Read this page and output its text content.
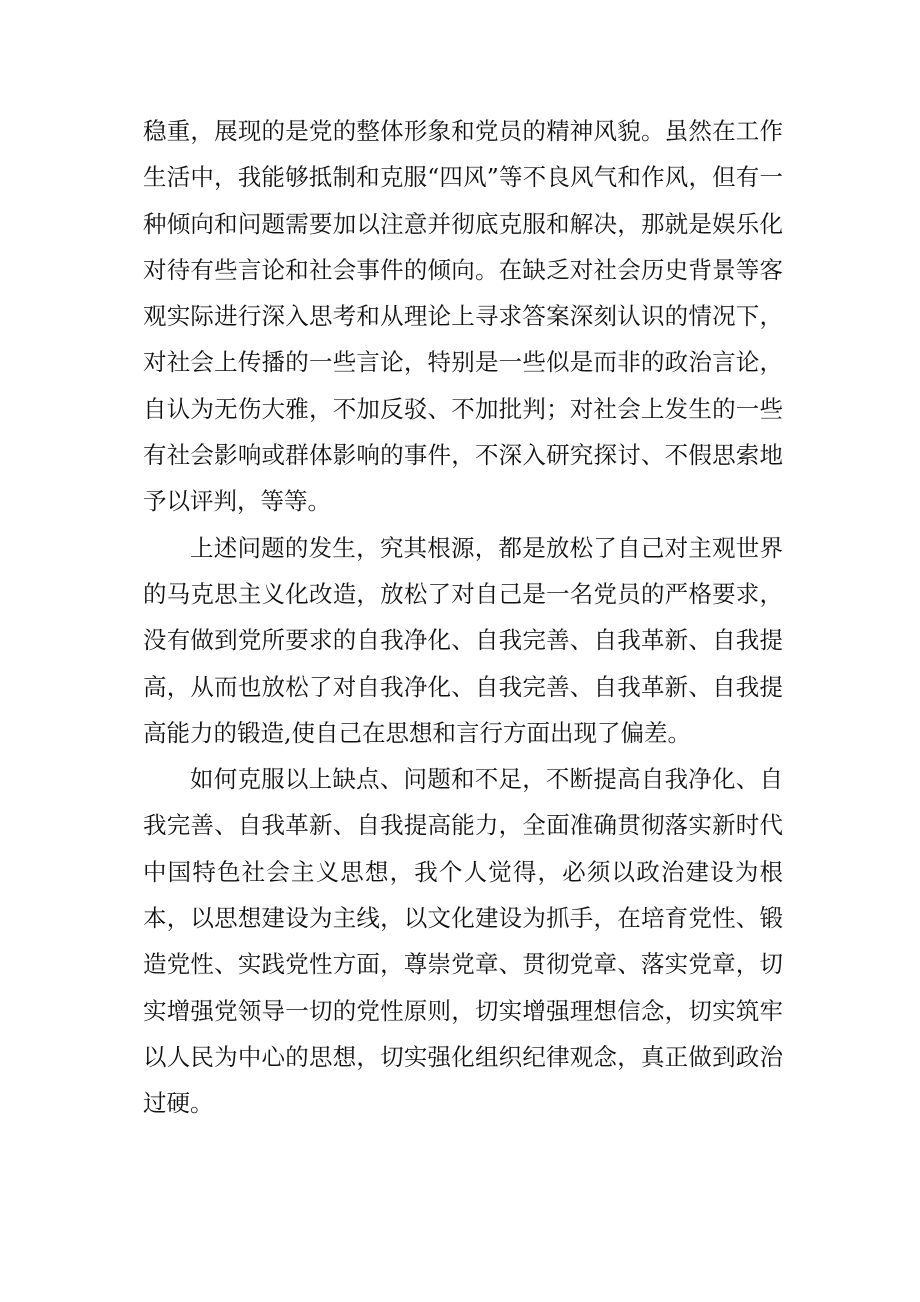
稳重，展现的是党的整体形象和党员的精神风貌。虽然在工作生活中，我能够抵制和克服“四风”等不良风气和作风，但有一种倾向和问题需要加以注意并彻底克服和解决，那就是娱乐化对待有些言论和社会事件的倾向。在缺乏对社会历史背景等客观实际进行深入思考和从理论上寻求答案深刻认识的情况下，对社会上传播的一些言论，特别是一些似是而非的政治言论，自认为无伤大雅，不加反驳、不加批判；对社会上发生的一些有社会影响或群体影响的事件，不深入研究探讨、不假思索地予以评判，等等。

上述问题的发生，究其根源，都是放松了自己对主观世界的马克思主义化改造，放松了对自己是一名党员的严格要求，没有做到党所要求的自我净化、自我完善、自我革新、自我提高，从而也放松了对自我净化、自我完善、自我革新、自我提高能力的锻造,使自己在思想和言行方面出现了偏差。

如何克服以上缺点、问题和不足，不断提高自我净化、自我完善、自我革新、自我提高能力，全面准确贯彻落实新时代中国特色社会主义思想，我个人觉得，必须以政治建设为根本，以思想建设为主线，以文化建设为抓手，在培育党性、锻造党性、实践党性方面，尊崇党章、贯彻党章、落实党章，切实增强党领导一切的党性原则，切实增强理想信念，切实筑牢以人民为中心的思想，切实强化组织纪律观念，真正做到政治过硬。
